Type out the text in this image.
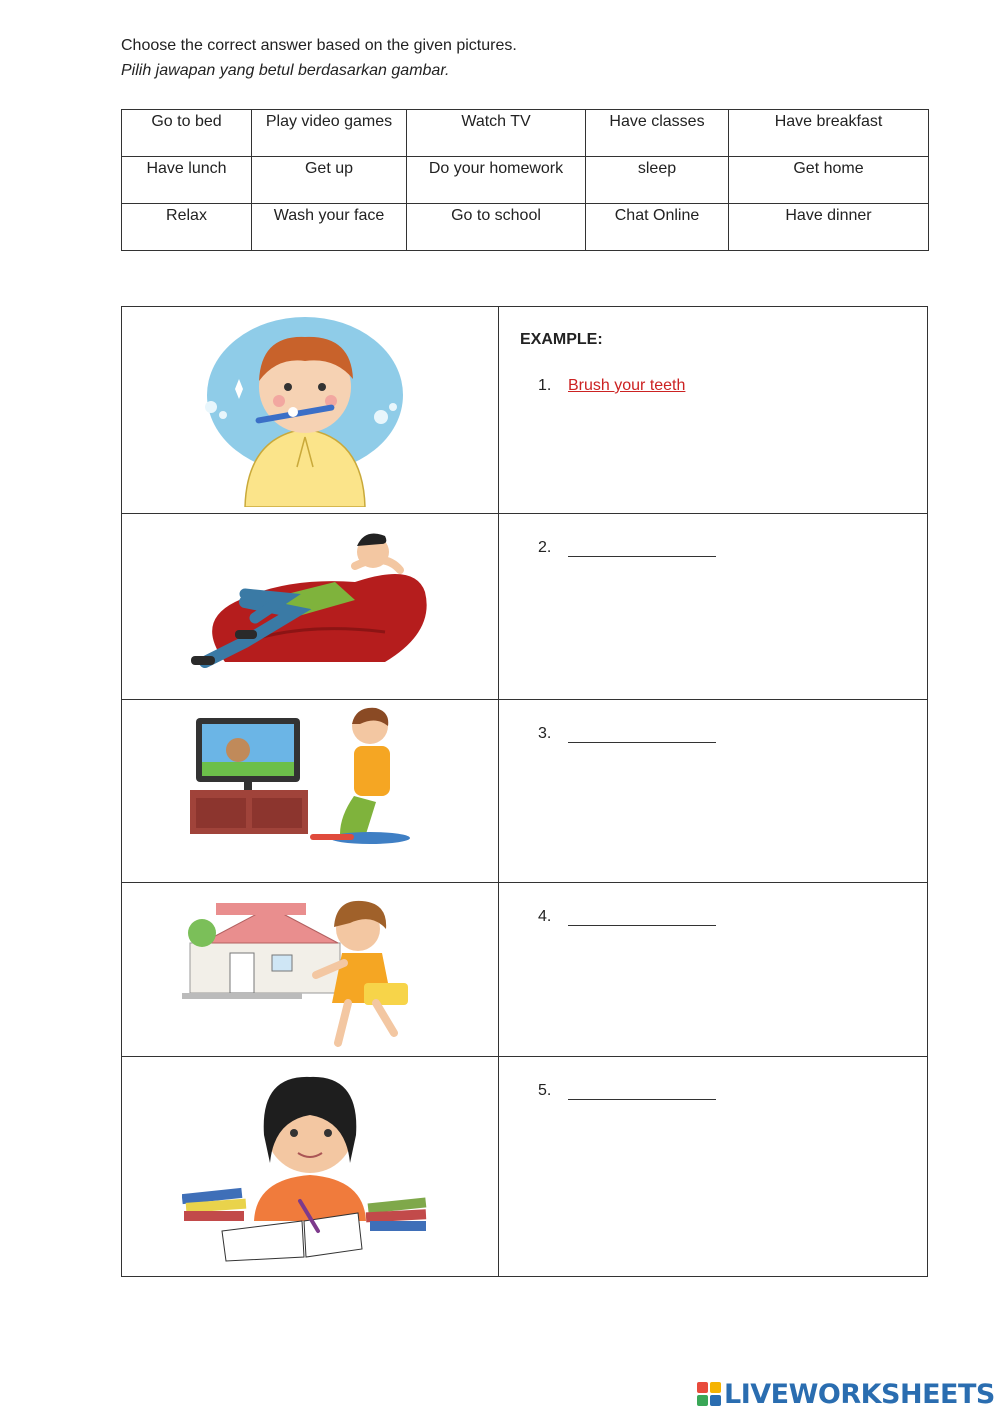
Choose the correct answer based on the given pictures.
Pilih jawapan yang betul berdasarkan gambar.
Go to bed	Play video games	Watch TV	Have classes	Have breakfast
Have lunch	Get up	Do your homework	sleep	Get home
Relax	Wash your face	Go to school	Chat Online	Have dinner

EXAMPLE:
1. Brush your teeth

2.

3.

4.

5.
LIVEWORKSHEETS
